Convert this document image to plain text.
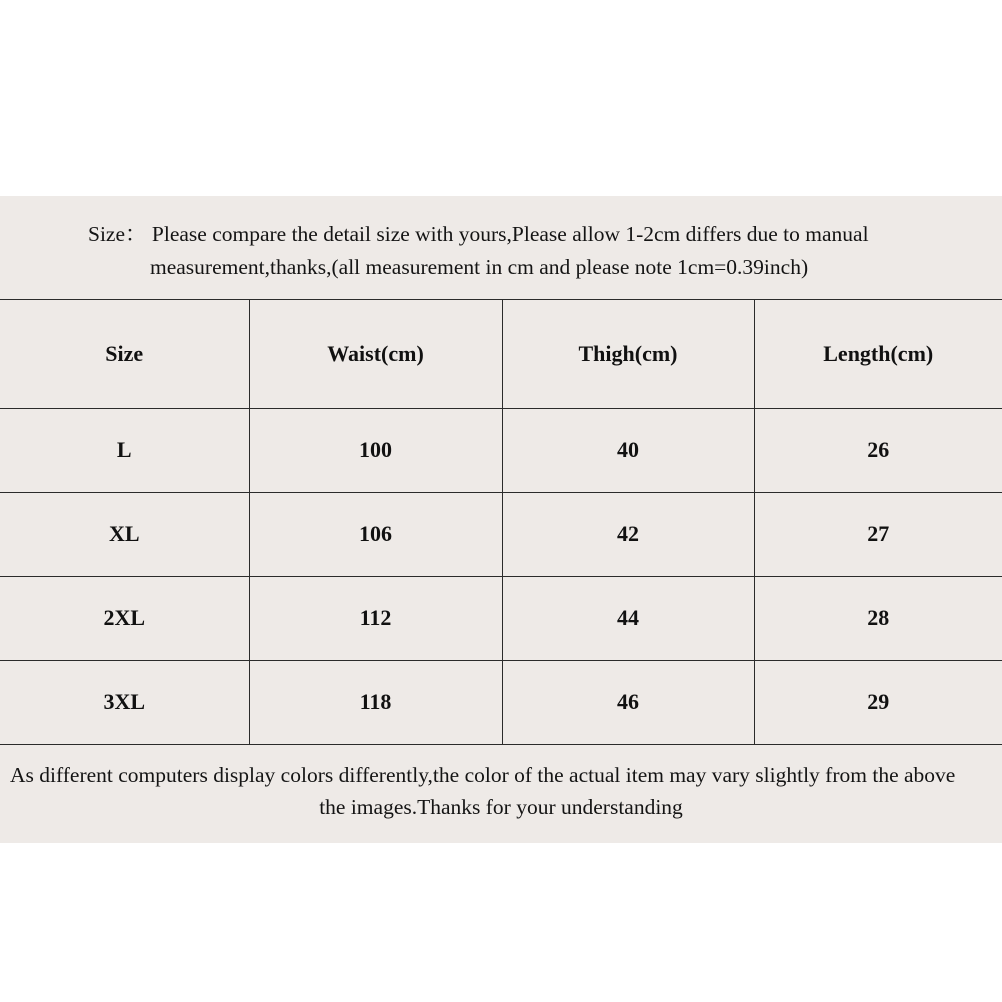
Size： Please compare the detail size with yours,Please allow 1-2cm differs due to manual
measurement,thanks,(all measurement in cm and please note 1cm=0.39inch)
Size	Waist(cm)	Thigh(cm)	Length(cm)
L	100	40	26
XL	106	42	27
2XL	112	44	28
3XL	118	46	29
As different computers display colors differently,the color of the actual item may vary slightly from the above
the images.Thanks for your understanding
